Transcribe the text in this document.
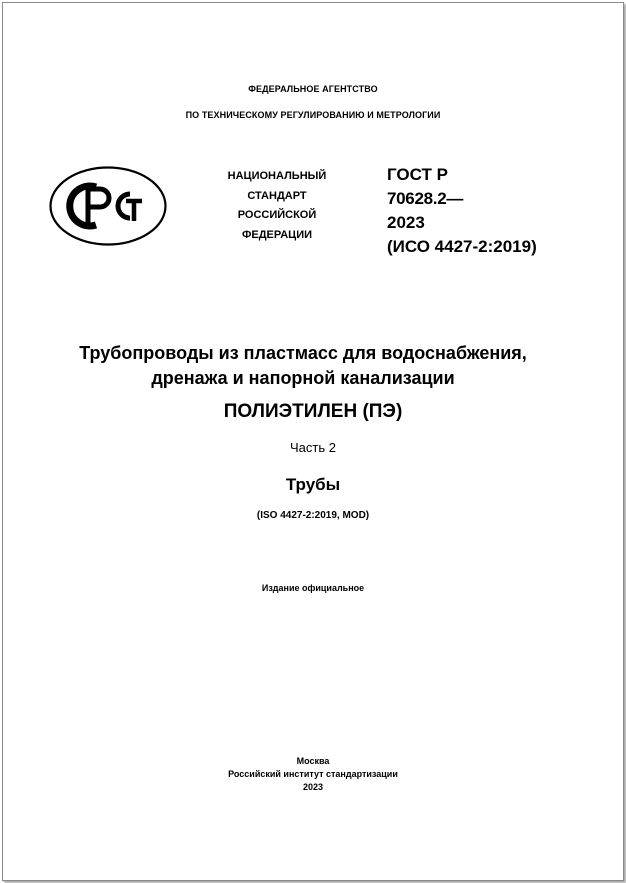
ФЕДЕРАЛЬНОЕ АГЕНТСТВО
ПО ТЕХНИЧЕСКОМУ РЕГУЛИРОВАНИЮ И МЕТРОЛОГИИ
НАЦИОНАЛЬНЫЙ
СТАНДАРТ
РОССИЙСКОЙ
ФЕДЕРАЦИИ
ГОСТ Р
70628.2—
2023
(ИСО 4427-2:2019)
Трубопроводы из пластмасс для водоснабжения,
дренажа и напорной канализации
ПОЛИЭТИЛЕН (ПЭ)
Часть 2
Трубы
(ISO 4427-2:2019, MOD)
Издание официальное
Москва
Российский институт стандартизации
2023
